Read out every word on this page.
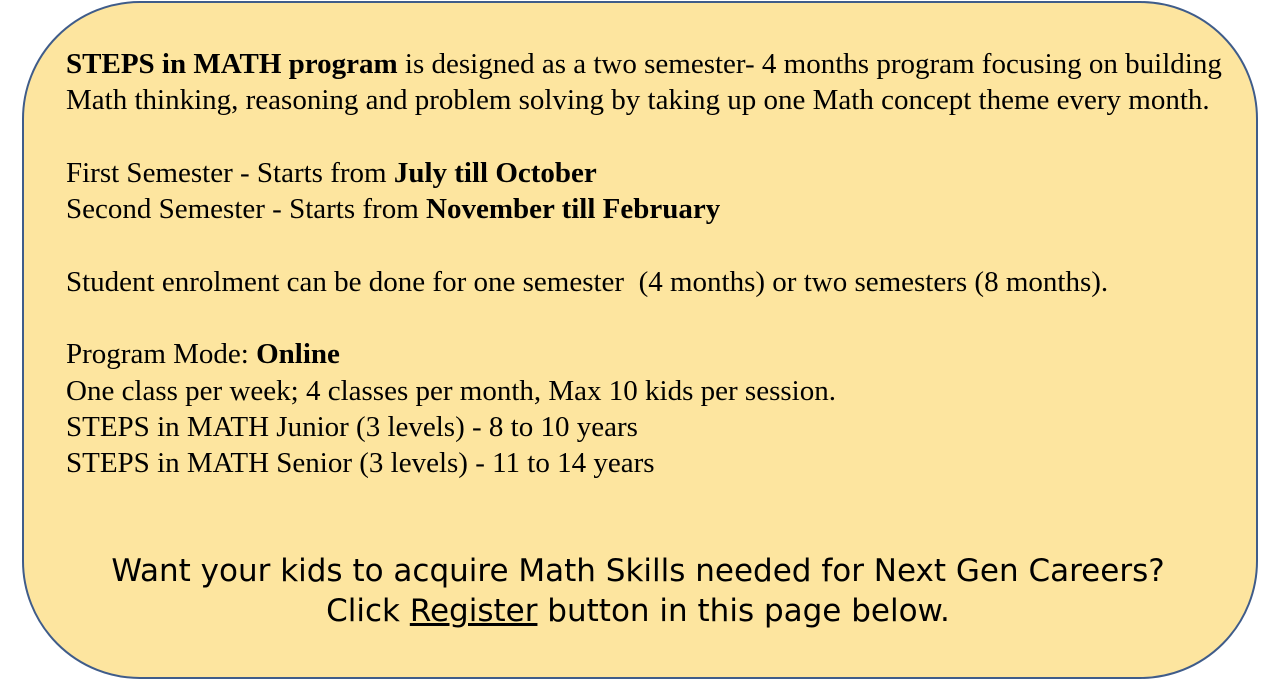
STEPS in MATH program is designed as a two semester- 4 months program focusing on building Math thinking, reasoning and problem solving by taking up one Math concept theme every month.

First Semester - Starts from July till October

Second Semester - Starts from November till February

Student enrolment can be done for one semester  (4 months) or two semesters (8 months).

Program Mode: Online

One class per week; 4 classes per month, Max 10 kids per session.

STEPS in MATH Junior (3 levels) - 8 to 10 years

STEPS in MATH Senior (3 levels) - 11 to 14 years

Want your kids to acquire Math Skills needed for Next Gen Careers?
Click Register button in this page below.
